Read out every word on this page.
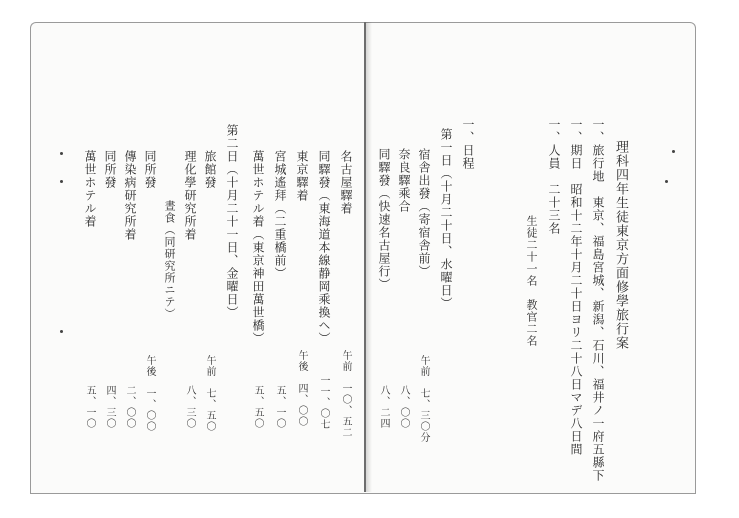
理科四年生徒東京方面修學旅行案
一、旅行地　東京、福島宮城、新潟、石川、福井ノ一府五縣下
一、期日　昭和十二年十月二十日ヨリ二十八日マデ八日間
一、人員　二十三名
生徒二十一名　教官二名
一、日程
第一日（十月二十日、水曜日）
宿舎出發（寄宿舎前）
午前　七、三〇分
奈良驛乘合
八、〇〇
同驛發（快速名古屋行）
八、二四
名古屋驛着
午前　一〇、五二
同驛發（東海道本線静岡乘換ヘ）
一一、〇七
東京驛着
午後　四、〇〇
宮城遙拜（二重橋前）
五、一〇
萬世ホテル着（東京神田萬世橋）
五、五〇
第二日（十月二十一日、金曜日）
旅館發
午前　七、五〇
理化學研究所着
八、三〇
晝食（同研究所ニテ）
同所發
午後　一、〇〇
傳染病研究所着
二、〇〇
同所發
四、三〇
萬世ホテル着
五、一〇
